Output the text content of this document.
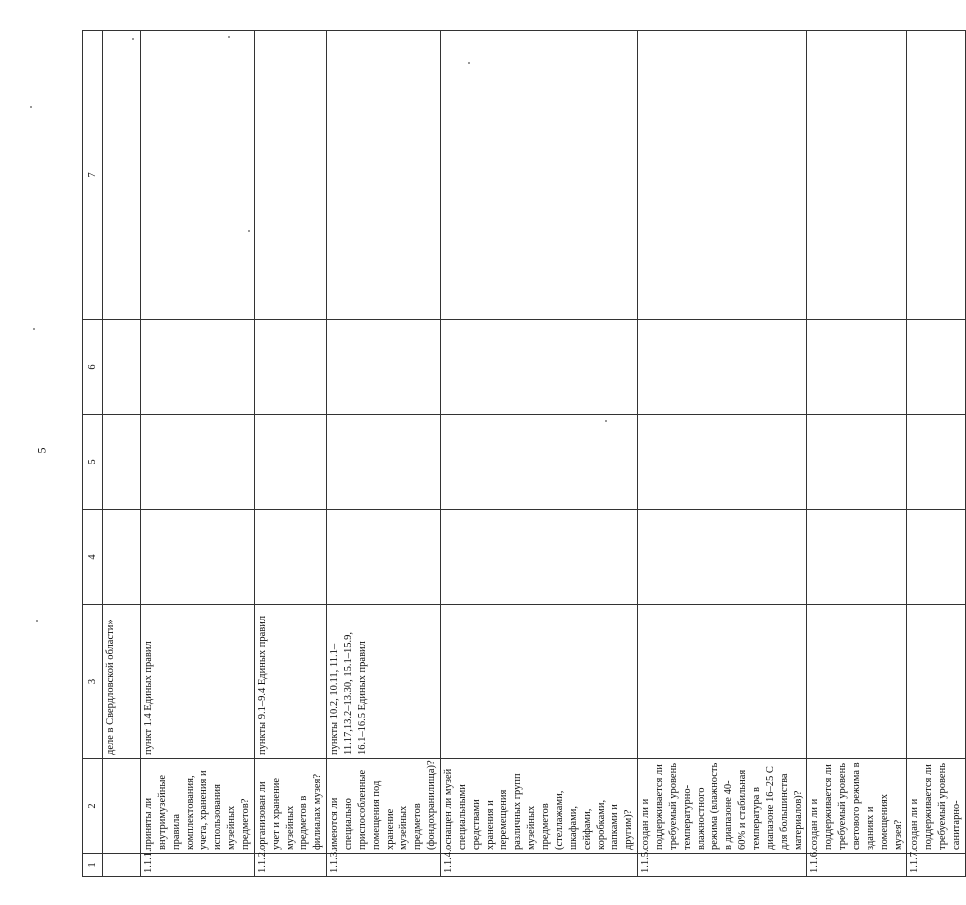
5
1	2	3	4	5	6	7
		деле в Свердловской области»				
1.1.1.	приняты ли внутримузейные правила комплектования, учета, хранения и использования музейных предметов?	пункт 1.4 Единых правил				
1.1.2.	организован ли учет и хранение музейных предметов в филиалах музея?	пункты 9.1–9.4 Единых правил				
1.1.3.	имеются ли специально приспособленные помещения под хранение музейных предметов (фондохранилища)?	пункты 10.2, 10.11, 11.1–11.17,13.2–13.30, 15.1–15.9, 16.1–16.5 Единых правил				
1.1.4.	оснащен ли музей специальными средствами хранения и перемещения различных групп музейных предметов (стеллажами, шкафами, сейфами, коробками, папками и другим)?					
1.1.5.	создан ли и поддерживается ли требуемый уровень температурно-влажностного режима (влажность в диапазоне 40-60% и стабильная температура в диапазоне 16–25 С для большинства материалов)?					
1.1.6.	создан ли и поддерживается ли требуемый уровень светового режима в зданиях и помещениях музея?					
1.1.7.	создан ли и поддерживается ли требуемый уровень санитарно-					
